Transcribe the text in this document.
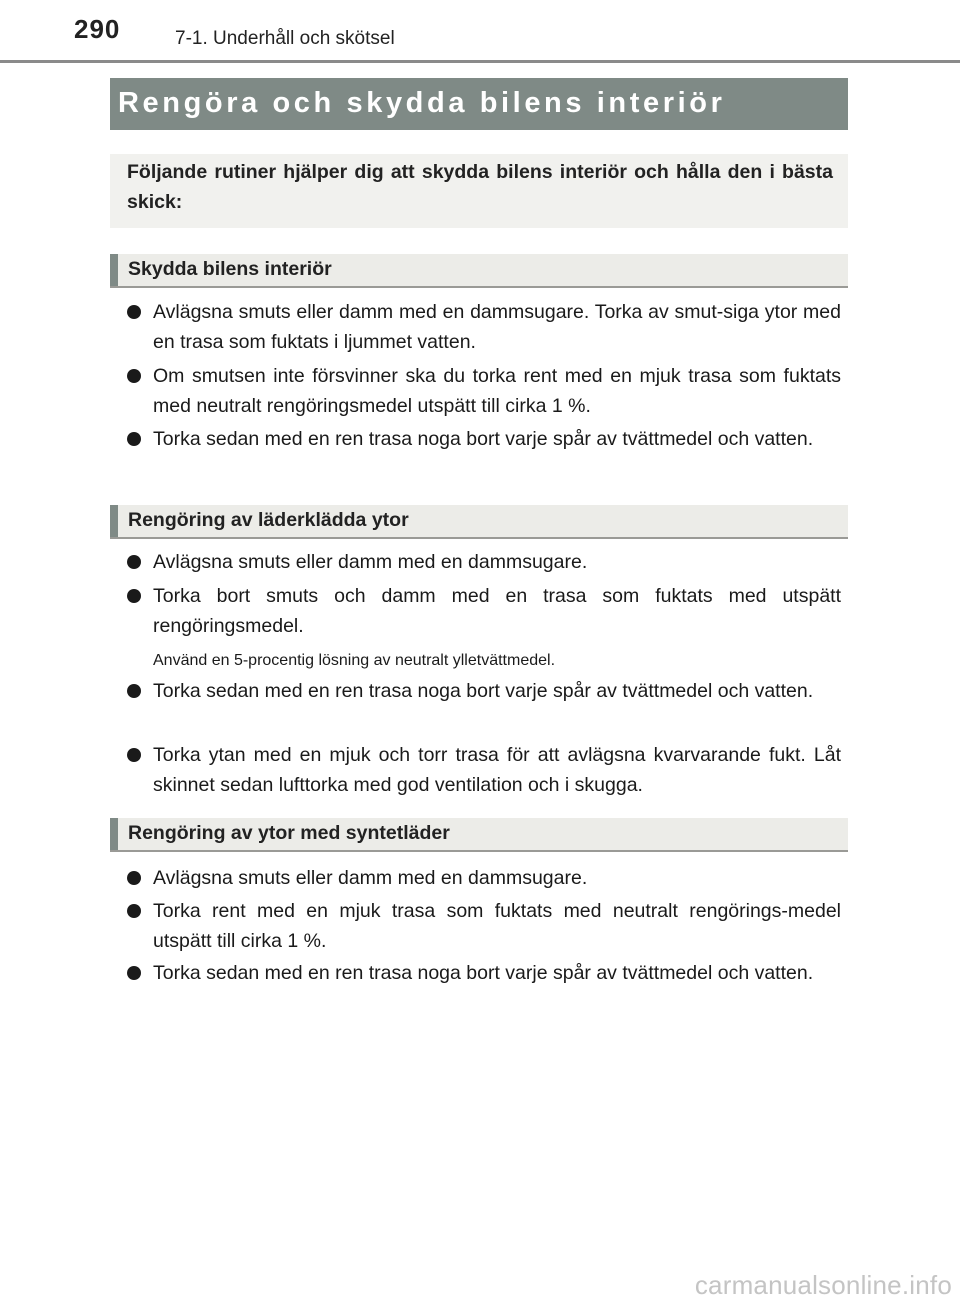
290	7-1. Underhåll och skötsel
Rengöra och skydda bilens interiör

Följande rutiner hjälper dig att skydda bilens interiör och hålla den i bästa skick:

Skydda bilens interiör
Avlägsna smuts eller damm med en dammsugare. Torka av smut-siga ytor med en trasa som fuktats i ljummet vatten.
Om smutsen inte försvinner ska du torka rent med en mjuk trasa som fuktats med neutralt rengöringsmedel utspätt till cirka 1 %.
Torka sedan med en ren trasa noga bort varje spår av tvättmedel och vatten.
Rengöring av läderklädda ytor
Avlägsna smuts eller damm med en dammsugare.
Torka bort smuts och damm med en trasa som fuktats med utspätt rengöringsmedel.
Använd en 5-procentig lösning av neutralt ylletvättmedel.
Torka sedan med en ren trasa noga bort varje spår av tvättmedel och vatten.
Torka ytan med en mjuk och torr trasa för att avlägsna kvarvarande fukt. Låt skinnet sedan lufttorka med god ventilation och i skugga.
Rengöring av ytor med syntetläder
Avlägsna smuts eller damm med en dammsugare.
Torka rent med en mjuk trasa som fuktats med neutralt rengörings-medel utspätt till cirka 1 %.
Torka sedan med en ren trasa noga bort varje spår av tvättmedel och vatten.
carmanualsonline.info
